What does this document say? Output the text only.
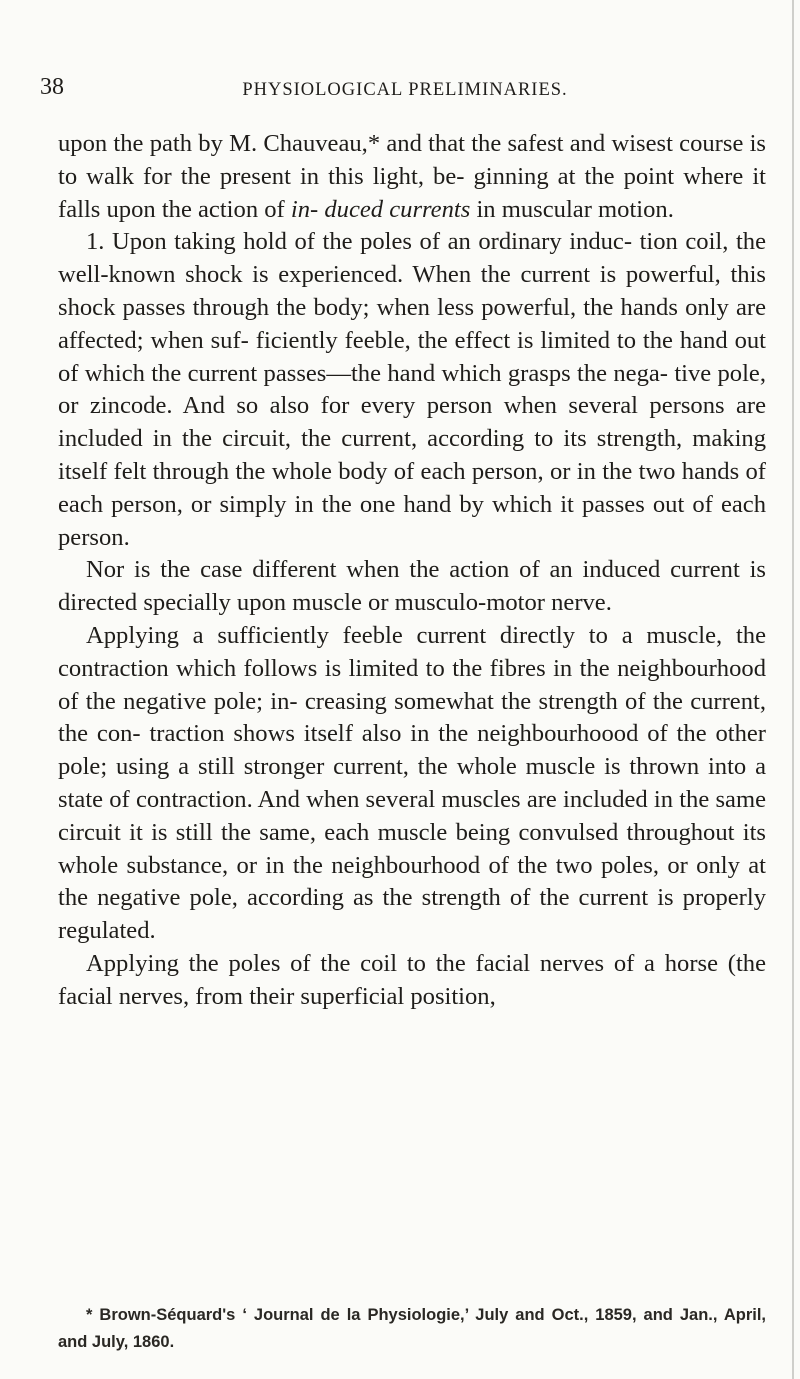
38	PHYSIOLOGICAL PRELIMINARIES.

upon the path by M. Chauveau,* and that the safest and wisest course is to walk for the present in this light, be- ginning at the point where it falls upon the action of in- duced currents in muscular motion.

1. Upon taking hold of the poles of an ordinary induc- tion coil, the well-known shock is experienced. When the current is powerful, this shock passes through the body; when less powerful, the hands only are affected; when suf- ficiently feeble, the effect is limited to the hand out of which the current passes—the hand which grasps the nega- tive pole, or zincode. And so also for every person when several persons are included in the circuit, the current, according to its strength, making itself felt through the whole body of each person, or in the two hands of each person, or simply in the one hand by which it passes out of each person.

Nor is the case different when the action of an induced current is directed specially upon muscle or musculo-motor nerve.

Applying a sufficiently feeble current directly to a muscle, the contraction which follows is limited to the fibres in the neighbourhood of the negative pole; in- creasing somewhat the strength of the current, the con- traction shows itself also in the neighbourhoood of the other pole; using a still stronger current, the whole muscle is thrown into a state of contraction. And when several muscles are included in the same circuit it is still the same, each muscle being convulsed throughout its whole substance, or in the neighbourhood of the two poles, or only at the negative pole, according as the strength of the current is properly regulated.

Applying the poles of the coil to the facial nerves of a horse (the facial nerves, from their superficial position,

* Brown-Séquard's ‘ Journal de la Physiologie,’ July and Oct., 1859, and Jan., April, and July, 1860.
